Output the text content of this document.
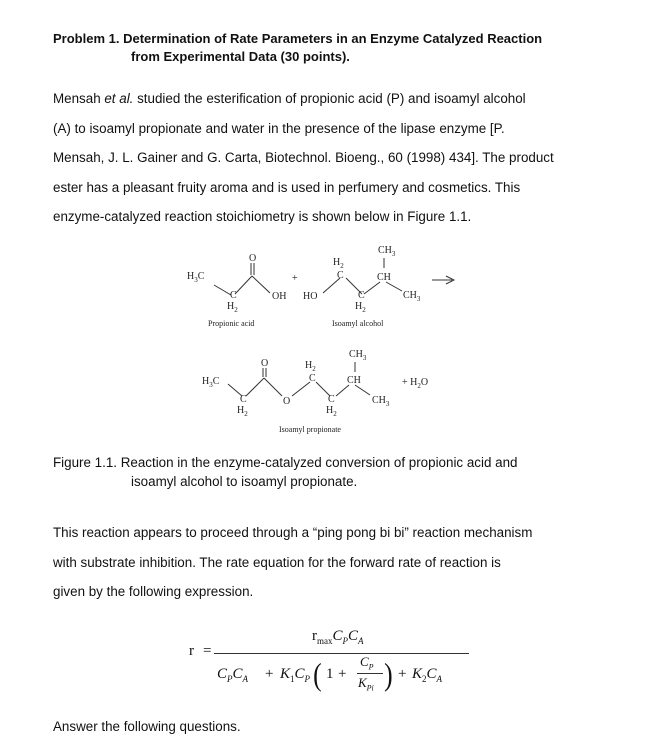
Problem 1. Determination of Rate Parameters in an Enzyme Catalyzed Reaction
from Experimental Data (30 points).
Mensah et al. studied the esterification of propionic acid (P) and isoamyl alcohol
(A) to isoamyl propionate and water in the presence of the lipase enzyme [P.
Mensah, J. L. Gainer and G. Carta, Biotechnol. Bioeng., 60 (1998) 434]. The product
ester has a pleasant fruity aroma and is used in perfumery and cosmetics. This
enzyme-catalyzed reaction stoichiometry is shown below in Figure 1.1.
$H_3C$
O
C
$H_2$
OH
+
Propionic acid
HO
$H_2$
C
C
$H_2$
$CH_3$
CH
$CH_3$
Isoamyl alcohol
$H_3C$
C
$H_2$
O
O
$H_2$
C
C
$H_2$
$CH_3$
CH
$CH_3$
+ $H_2O$
Isoamyl propionate
Figure 1.1. Reaction in the enzyme-catalyzed conversion of propionic acid and
isoamyl alcohol to isoamyl propionate.
This reaction appears to proceed through a “ping pong bi bi” reaction mechanism
with substrate inhibition. The rate equation for the forward rate of reaction is
given by the following expression.
r =
$r_{max}C_PC_A$
$C_PC_A + K_1C_P$ ( 1 +
$C_P$
$K_{Pi}$ ) + $K_2C_A$
Answer the following questions.
